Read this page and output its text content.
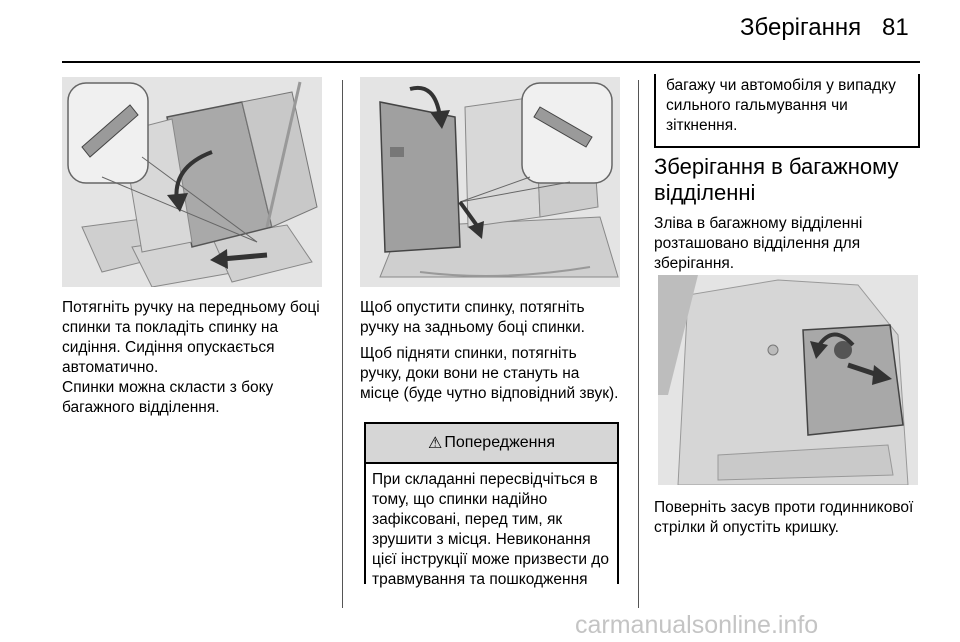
Зберігання 81

Потягніть ручку на передньому боці спинки та покладіть спинку на сидіння. Сидіння опускається автоматично.

Спинки можна скласти з боку багажного відділення.

Щоб опустити спинку, потягніть ручку на задньому боці спинки.

Щоб підняти спинки, потягніть ручку, доки вони не стануть на місце (буде чутно відповідний звук).

⚠ Попередження

При складанні пересвідчіться в тому, що спинки надійно зафіксовані, перед тим, як зрушити з місця. Невиконання цієї інструкції може призвести до травмування та пошкодження

багажу чи автомобіля у випадку сильного гальмування чи зіткнення.

Зберігання в багажному відділенні

Зліва в багажному відділенні розташовано відділення для зберігання.

Поверніть засув проти годинникової стрілки й опустіть кришку.

carmanualsonline.info
